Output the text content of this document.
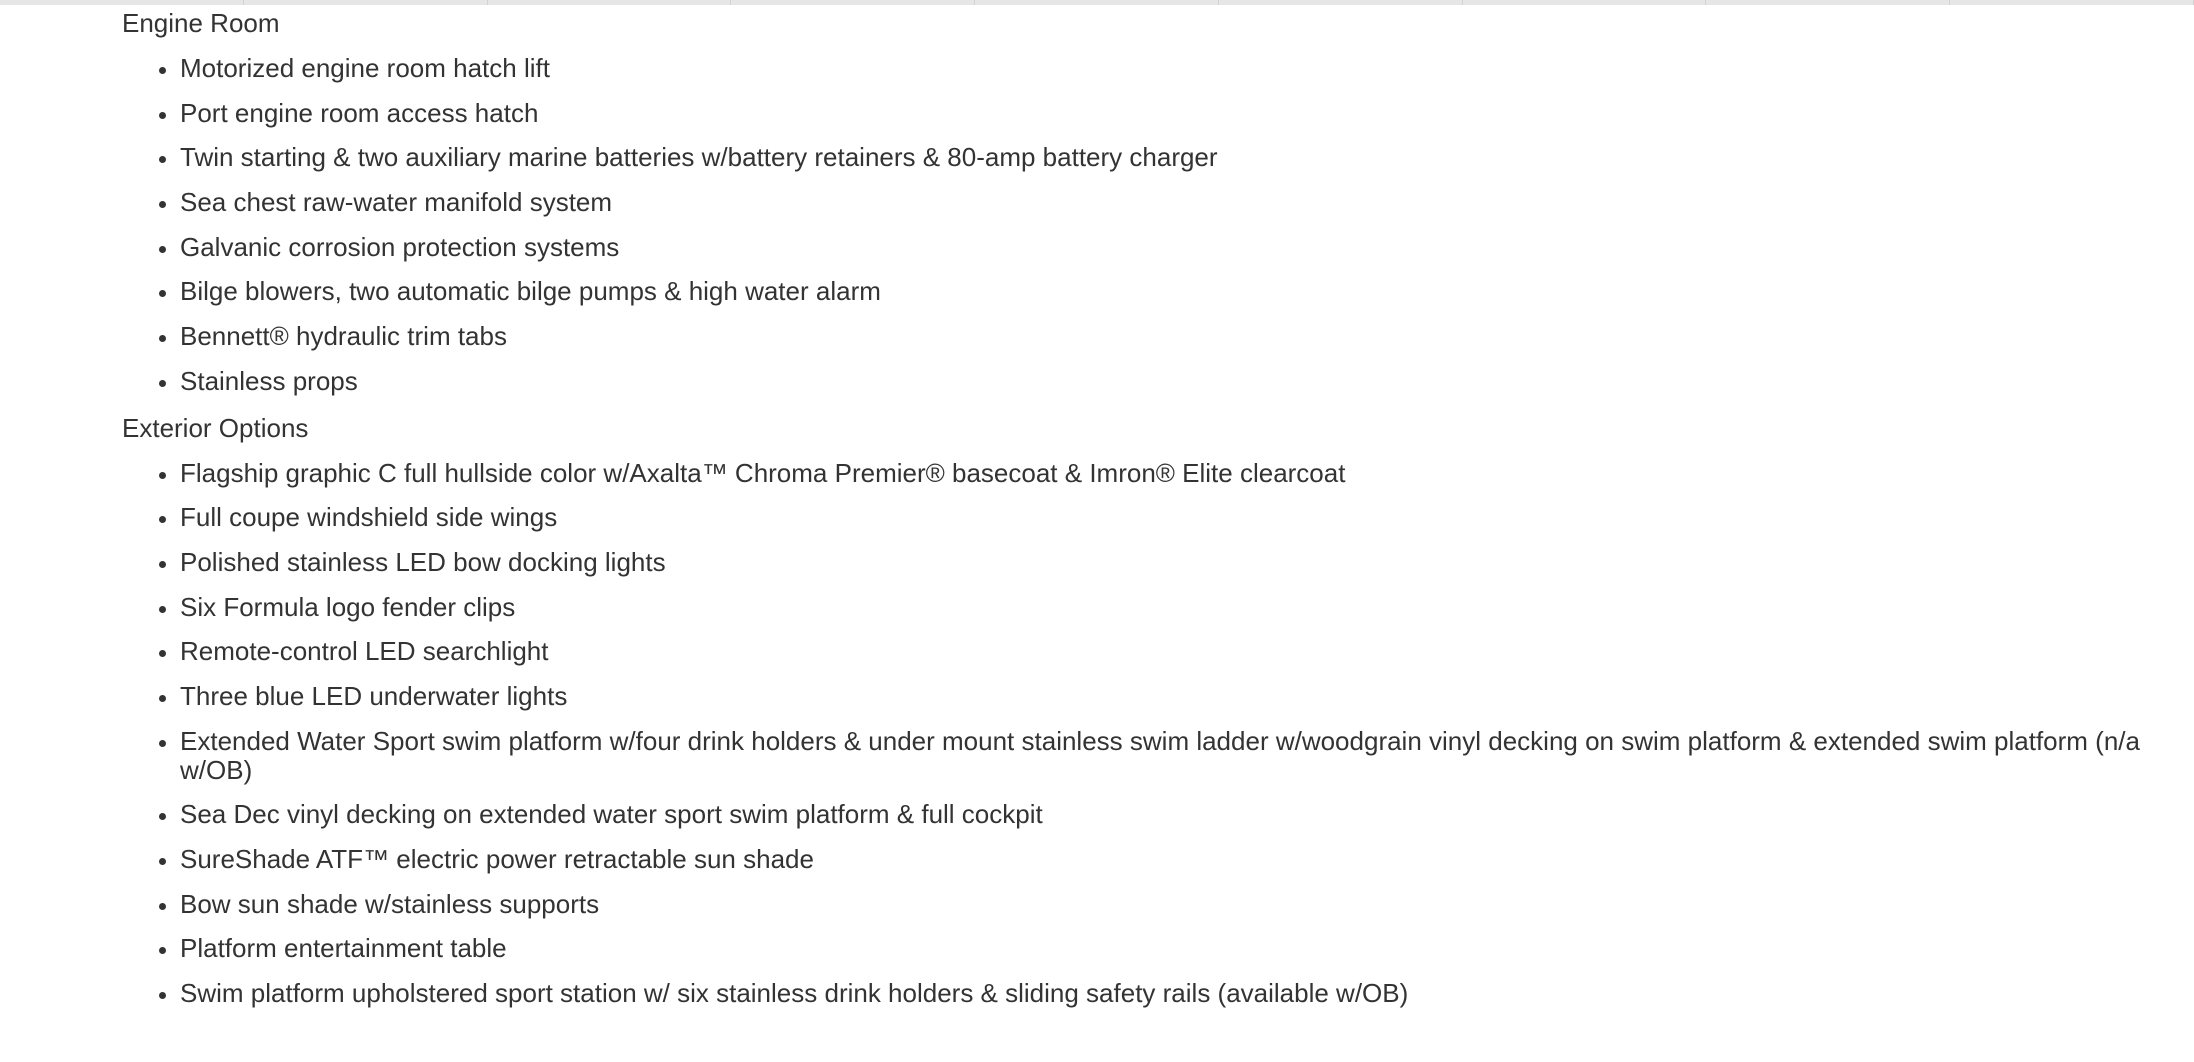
Engine Room
• Motorized engine room hatch lift
• Port engine room access hatch
• Twin starting & two auxiliary marine batteries w/battery retainers & 80-amp battery charger
• Sea chest raw-water manifold system
• Galvanic corrosion protection systems
• Bilge blowers, two automatic bilge pumps & high water alarm
• Bennett® hydraulic trim tabs
• Stainless props
Exterior Options
• Flagship graphic C full hullside color w/Axalta™ Chroma Premier® basecoat & Imron® Elite clearcoat
• Full coupe windshield side wings
• Polished stainless LED bow docking lights
• Six Formula logo fender clips
• Remote-control LED searchlight
• Three blue LED underwater lights
• Extended Water Sport swim platform w/four drink holders & under mount stainless swim ladder w/woodgrain vinyl decking on swim platform & extended swim platform (n/a w/OB)
• Sea Dec vinyl decking on extended water sport swim platform & full cockpit
• SureShade ATF™ electric power retractable sun shade
• Bow sun shade w/stainless supports
• Platform entertainment table
• Swim platform upholstered sport station w/ six stainless drink holders & sliding safety rails (available w/OB)
